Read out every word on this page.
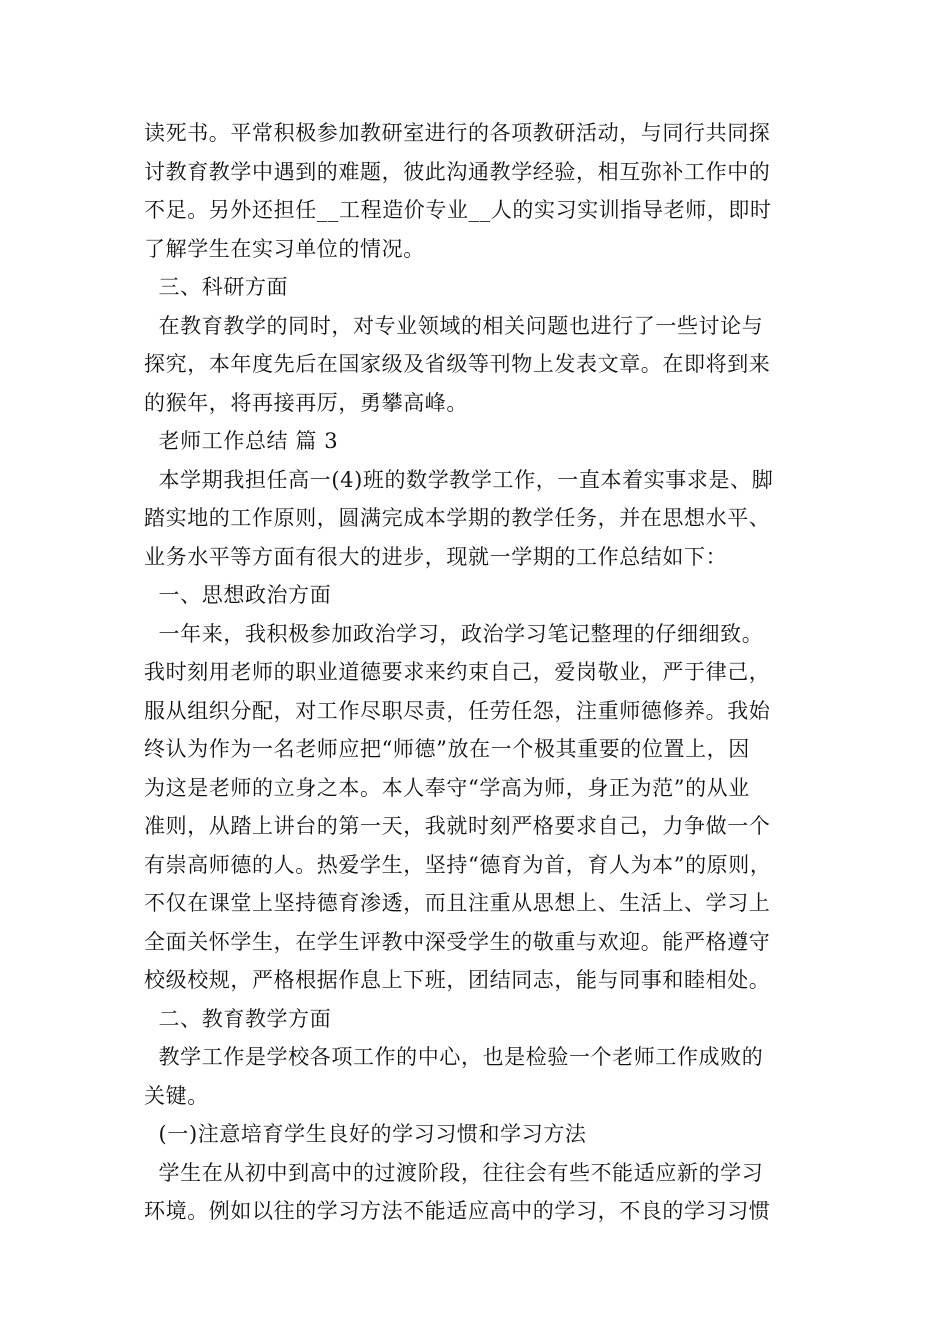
读死书。平常积极参加教研室进行的各项教研活动，与同行共同探
讨教育教学中遇到的难题，彼此沟通教学经验，相互弥补工作中的
不足。另外还担任__工程造价专业__人的实习实训指导老师，即时
了解学生在实习单位的情况。
三、科研方面
在教育教学的同时，对专业领域的相关问题也进行了一些讨论与
探究，本年度先后在国家级及省级等刊物上发表文章。在即将到来
的猴年，将再接再厉，勇攀高峰。
老师工作总结 篇 3
本学期我担任高一(4)班的数学教学工作，一直本着实事求是、脚
踏实地的工作原则，圆满完成本学期的教学任务，并在思想水平、
业务水平等方面有很大的进步，现就一学期的工作总结如下：
一、思想政治方面
一年来，我积极参加政治学习，政治学习笔记整理的仔细细致。
我时刻用老师的职业道德要求来约束自己，爱岗敬业，严于律己，
服从组织分配，对工作尽职尽责，任劳任怨，注重师德修养。我始
终认为作为一名老师应把“师德”放在一个极其重要的位置上，因
为这是老师的立身之本。本人奉守“学高为师，身正为范”的从业
准则，从踏上讲台的第一天，我就时刻严格要求自己，力争做一个
有崇高师德的人。热爱学生，坚持“德育为首，育人为本”的原则，
不仅在课堂上坚持德育渗透，而且注重从思想上、生活上、学习上
全面关怀学生，在学生评教中深受学生的敬重与欢迎。能严格遵守
校级校规，严格根据作息上下班，团结同志，能与同事和睦相处。
二、教育教学方面
教学工作是学校各项工作的中心，也是检验一个老师工作成败的
关键。
(一)注意培育学生良好的学习习惯和学习方法
学生在从初中到高中的过渡阶段，往往会有些不能适应新的学习
环境。例如以往的学习方法不能适应高中的学习，不良的学习习惯
